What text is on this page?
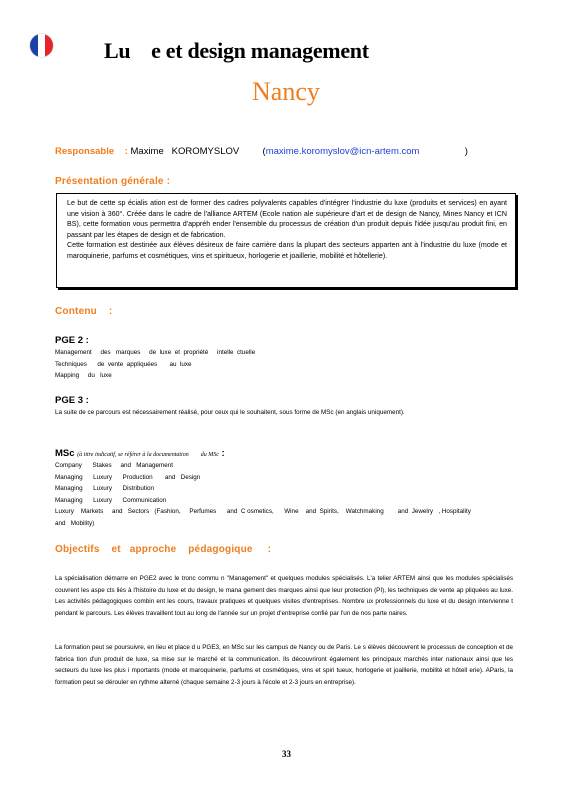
Lu    e et design management
Nancy
Responsable    : Maxime   KOROMYSLOV (maxime.koromyslov@icn-artem.com	)
Présentation générale :

Le but de cette sp écialis ation est de former des cadres polyvalents capables d'intégrer l'industrie du luxe (produits et services) en ayant une vision à 360°. Créée dans le cadre de l'alliance ARTEM (Ecole nation ale supérieure d'art et de design de Nancy, Mines Nancy et ICN BS), cette formation vous permettra d'appréh ender l'ensemble du processus de création d'un produit depuis l'idée jusqu'au produit fini, en passant par les étapes de design et de fabrication.

Cette formation est destinée aux élèves désireux de faire carrière dans la plupart des secteurs apparten ant à l'industrie du luxe (mode et maroquinerie, parfums et cosmétiques, vins et spiritueux, horlogerie et joaillerie, mobilité et hôtellerie).

Contenu    :
PGE 2 :
Management     des   marques     de  luxe  et  propriété     intelle  ctuelle
Techniques      de  vente  appliquées       au  luxe
Mapping     du   luxe
PGE 3 :
La suite de ce parcours est nécessairement réalisé, pour ceux qui le souhaitent, sous forme de MSc (en anglais uniquement).
MSc (à titre indicatif, se référer à la documentation        du MSc :
Company      Stakes     and   Management
Managing      Luxury      Production       and   Design
Managing      Luxury      Distribution
Managing      Luxury      Communication
Luxury    Markets     and   Sectors   (Fashion,     Perfumes      and  C osmetics,      Wine    and  Spirits,    Watchmaking        and  Jewelry   , Hospitality
and   Mobility)
Objectifs    et   approche    pédagogique     :
La spécialisation démarre en PGE2 avec le tronc commu n "Management" et quelques modules spécialisés. L'a telier ARTEM ainsi que les modules spécialisés couvrent les aspe cts liés à l'histoire du luxe et du design, le mana gement des marques ainsi que leur protection (PI), les techniques de vente ap pliquées au luxe. Les activités pédagogiques combin ent les cours, travaux pratiques et quelques visites d'entreprises. Nombre ux professionnels du luxe et du design intervienne t pendant le parcours. Les élèves travaillent tout au long de l'année sur un projet d'entreprise confié par l'un de nos parte naires.
La formation peut se poursuivre, en lieu et place d u PGE3, en MSc sur les campus de Nancy ou de Paris. Le s élèves découvrent le processus de conception et de fabrica tion d'un produit de luxe, sa mise sur le marché et la communication. Ils découvriront également les principaux marchés inter nationaux ainsi que les secteurs du luxe les plus i mportants (mode et maroquinerie, parfums et cosmétiques, vins et spiri tueux, horlogerie et joaillerie, mobilité et hôtell erie). AParis, la formation peut se dérouler en rythme alterné (chaque semaine 2-3 jours à l'école et 2-3 jours en entreprise).
33
